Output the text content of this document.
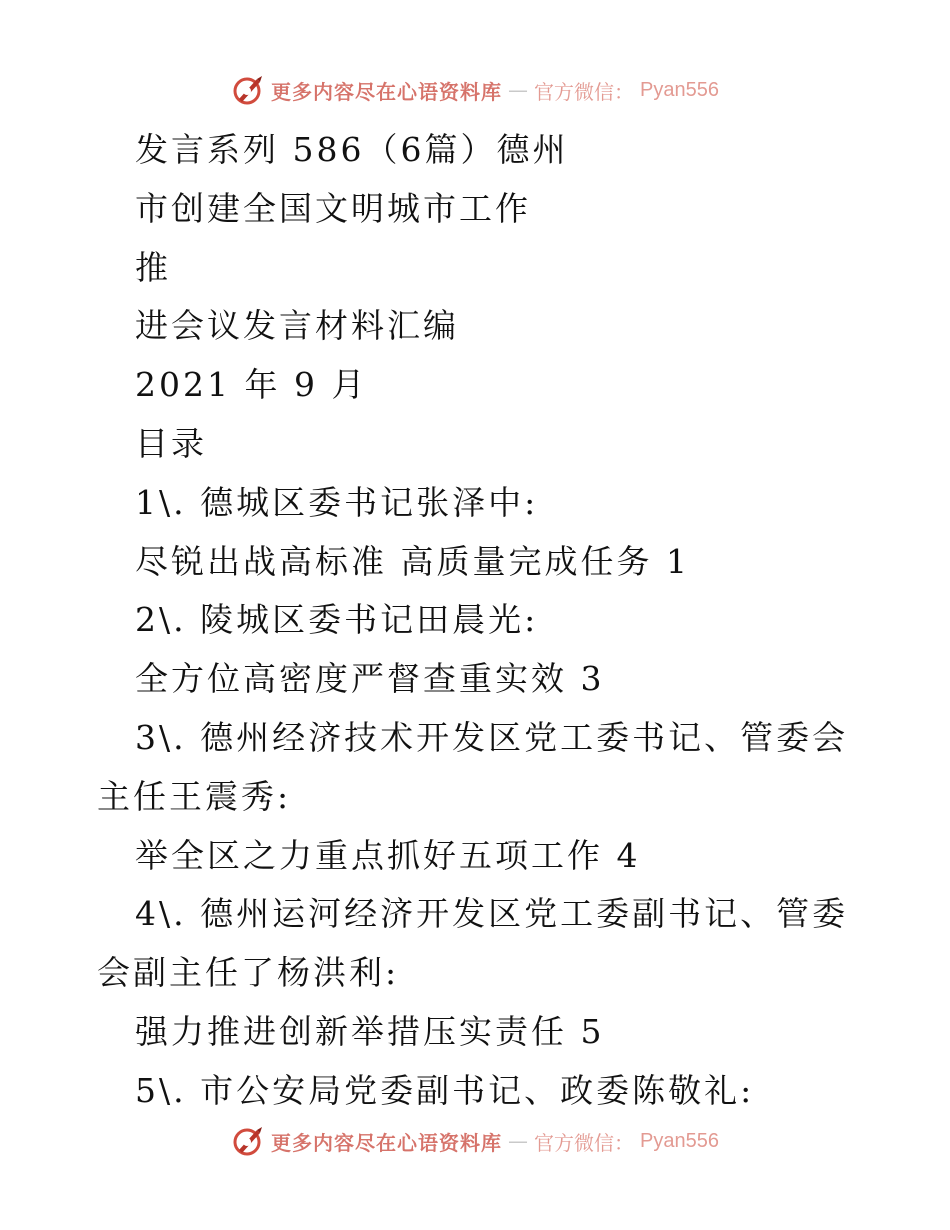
更多内容尽在心语资料库 — 官方微信： Pyan556
发言系列 586（6篇）德州
市创建全国文明城市工作
推
进会议发言材料汇编
2021 年 9 月
目录
1\. 德城区委书记张泽中:
尽锐出战高标准 高质量完成任务 1
2\. 陵城区委书记田晨光:
全方位高密度严督查重实效 3
3\. 德州经济技术开发区党工委书记、管委会主任王震秀:
举全区之力重点抓好五项工作 4
4\. 德州运河经济开发区党工委副书记、管委会副主任了杨洪利:
强力推进创新举措压实责任 5
5\. 市公安局党委副书记、政委陈敬礼:
更多内容尽在心语资料库 — 官方微信： Pyan556
